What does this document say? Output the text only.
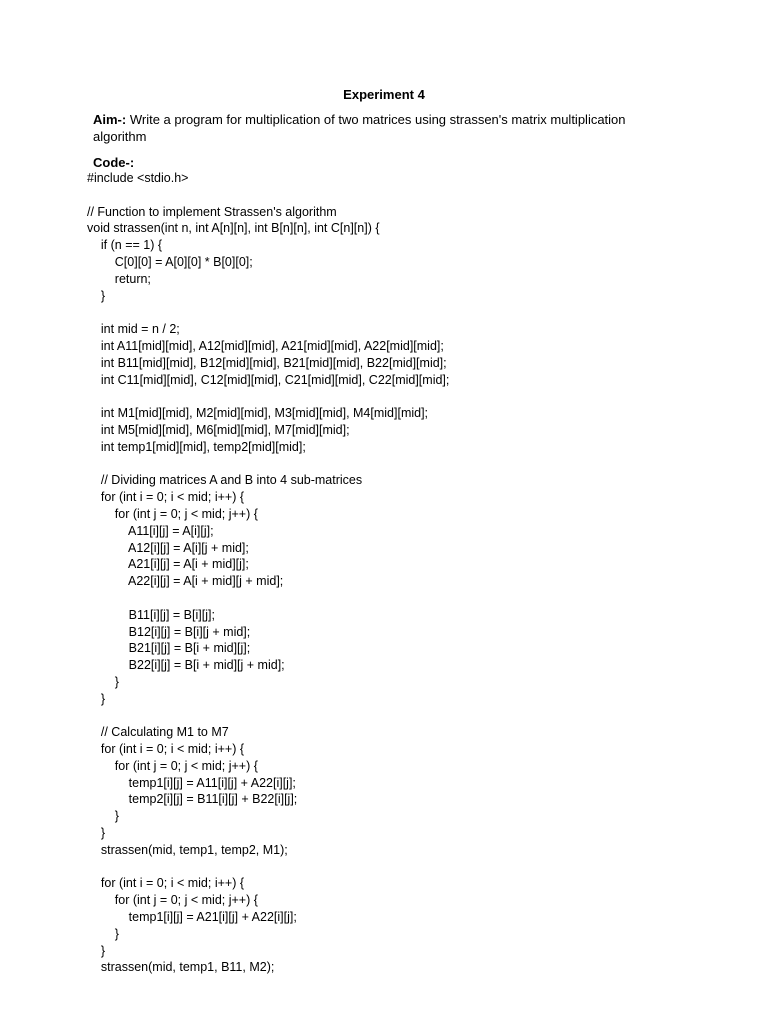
Experiment 4
Aim-: Write a program for multiplication of two matrices using strassen's matrix multiplication algorithm
Code-:
#include <stdio.h>
// Function to implement Strassen's algorithm
void strassen(int n, int A[n][n], int B[n][n], int C[n][n]) {
if (n == 1) {
C[0][0] = A[0][0] * B[0][0];
return;
}
int mid = n / 2;
int A11[mid][mid], A12[mid][mid], A21[mid][mid], A22[mid][mid];
int B11[mid][mid], B12[mid][mid], B21[mid][mid], B22[mid][mid];
int C11[mid][mid], C12[mid][mid], C21[mid][mid], C22[mid][mid];
int M1[mid][mid], M2[mid][mid], M3[mid][mid], M4[mid][mid];
int M5[mid][mid], M6[mid][mid], M7[mid][mid];
int temp1[mid][mid], temp2[mid][mid];
// Dividing matrices A and B into 4 sub-matrices
for (int i = 0; i < mid; i++) {
for (int j = 0; j < mid; j++) {
A11[i][j] = A[i][j];
A12[i][j] = A[i][j + mid];
A21[i][j] = A[i + mid][j];
A22[i][j] = A[i + mid][j + mid];
B11[i][j] = B[i][j];
B12[i][j] = B[i][j + mid];
B21[i][j] = B[i + mid][j];
B22[i][j] = B[i + mid][j + mid];
}
}
// Calculating M1 to M7
for (int i = 0; i < mid; i++) {
for (int j = 0; j < mid; j++) {
temp1[i][j] = A11[i][j] + A22[i][j];
temp2[i][j] = B11[i][j] + B22[i][j];
}
}
strassen(mid, temp1, temp2, M1);
for (int i = 0; i < mid; i++) {
for (int j = 0; j < mid; j++) {
temp1[i][j] = A21[i][j] + A22[i][j];
}
}
strassen(mid, temp1, B11, M2);
